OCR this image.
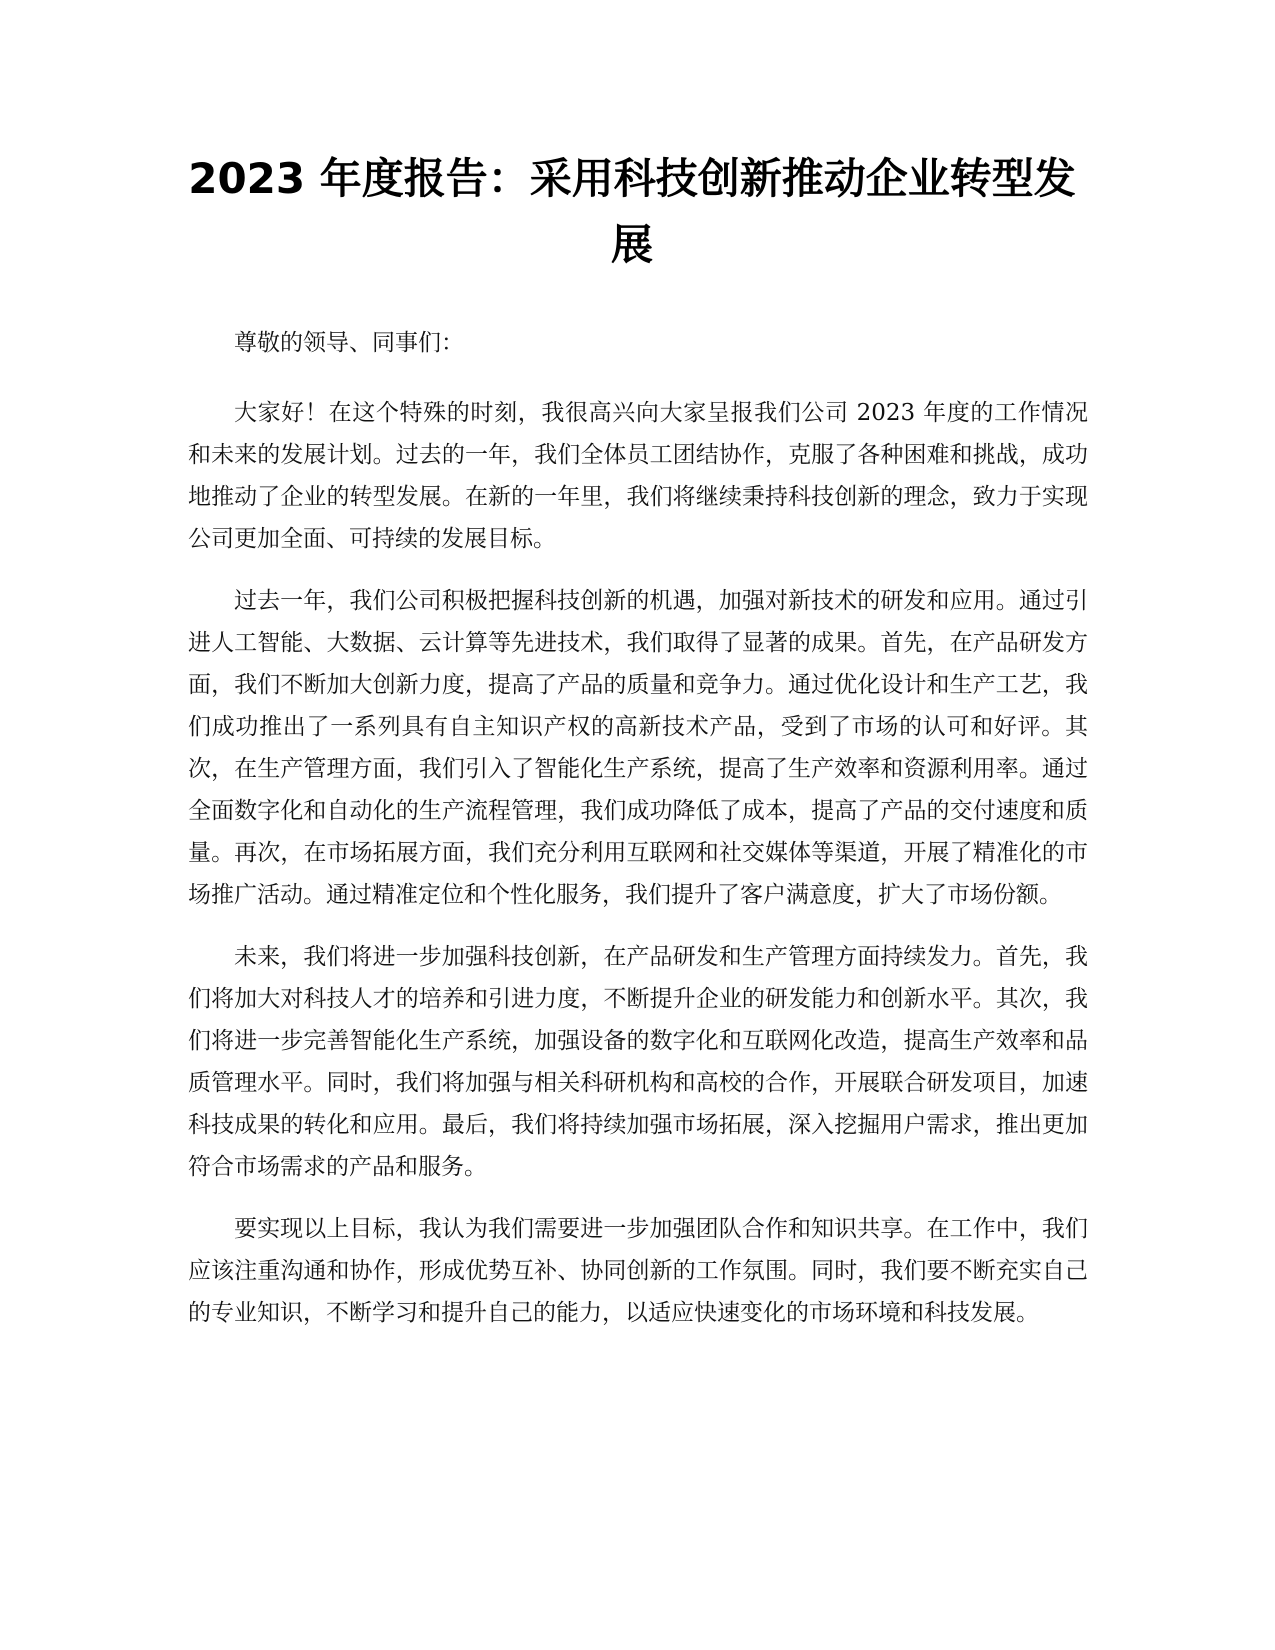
2023 年度报告：采用科技创新推动企业转型发展

尊敬的领导、同事们：

大家好！在这个特殊的时刻，我很高兴向大家呈报我们公司 2023 年度的工作情况和未来的发展计划。过去的一年，我们全体员工团结协作，克服了各种困难和挑战，成功地推动了企业的转型发展。在新的一年里，我们将继续秉持科技创新的理念，致力于实现公司更加全面、可持续的发展目标。

过去一年，我们公司积极把握科技创新的机遇，加强对新技术的研发和应用。通过引进人工智能、大数据、云计算等先进技术，我们取得了显著的成果。首先，在产品研发方面，我们不断加大创新力度，提高了产品的质量和竞争力。通过优化设计和生产工艺，我们成功推出了一系列具有自主知识产权的高新技术产品，受到了市场的认可和好评。其次，在生产管理方面，我们引入了智能化生产系统，提高了生产效率和资源利用率。通过全面数字化和自动化的生产流程管理，我们成功降低了成本，提高了产品的交付速度和质量。再次，在市场拓展方面，我们充分利用互联网和社交媒体等渠道，开展了精准化的市场推广活动。通过精准定位和个性化服务，我们提升了客户满意度，扩大了市场份额。

未来，我们将进一步加强科技创新，在产品研发和生产管理方面持续发力。首先，我们将加大对科技人才的培养和引进力度，不断提升企业的研发能力和创新水平。其次，我们将进一步完善智能化生产系统，加强设备的数字化和互联网化改造，提高生产效率和品质管理水平。同时，我们将加强与相关科研机构和高校的合作，开展联合研发项目，加速科技成果的转化和应用。最后，我们将持续加强市场拓展，深入挖掘用户需求，推出更加符合市场需求的产品和服务。

要实现以上目标，我认为我们需要进一步加强团队合作和知识共享。在工作中，我们应该注重沟通和协作，形成优势互补、协同创新的工作氛围。同时，我们要不断充实自己的专业知识，不断学习和提升自己的能力，以适应快速变化的市场环境和科技发展。
